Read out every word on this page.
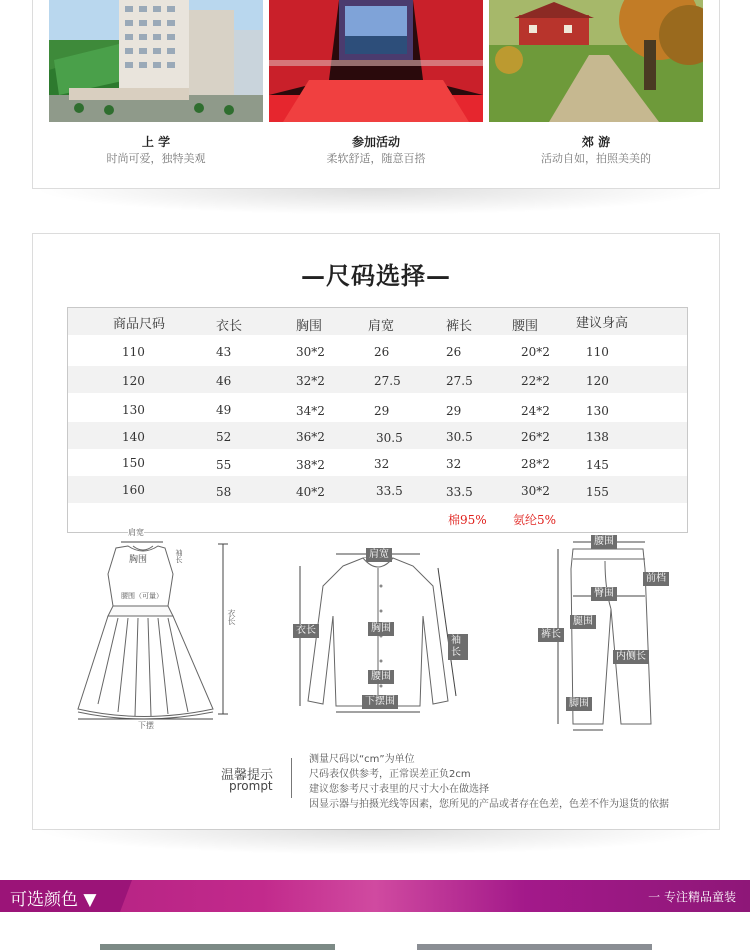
上 学
时尚可爱，独特美观
参加活动
柔软舒适，随意百搭
郊 游
活动自如，拍照美美的
—尺码选择—
商品尺码	衣长	胸围	肩宽	裤长	腰围	建议身高
110	43	30*2	26	26	20*2	110
120	46	32*2	27.5	27.5	22*2	120
130	49	34*2	29	29	24*2	130
140	52	36*2	30.5	30.5	26*2	138
150	55	38*2	32	32	28*2	145
160	58	40*2	33.5	33.5	30*2	155
棉95% 氨纶5%
肩宽
胸围
腰围（可量）
衣长
下摆
袖长	肩宽
衣长	胸围
袖长
腰围
下摆围
腰围
前档
臀围
腿围
裤长
内侧长
脚围
温馨提示
prompt
测量尺码以“cm”为单位
尺码表仅供参考，正常误差正负2cm
建议您参考尺寸表里的尺寸大小在做选择
因显示器与拍摄光线等因素，您所见的产品或者存在色差，色差不作为退货的依据
可选颜色 ▼	一 专注精品童装
